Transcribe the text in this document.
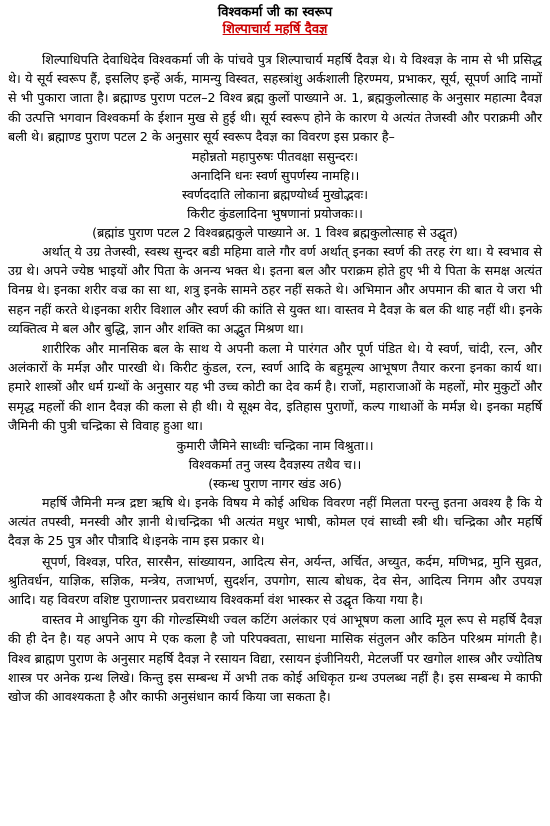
विश्वकर्मा जी का स्वरूप
शिल्पाचार्य महर्षि दैवज्ञ

शिल्पाधिपति देवाधिदेव विश्वकर्मा जी के पांचवे पुत्र शिल्पाचार्य महर्षि दैवज्ञ थे। ये विश्वज्ञ के नाम से भी प्रसिद्ध थे। ये सूर्य स्वरूप हैं, इसलिए इन्हें अर्क, मामन्यु विस्वत, सहस्त्रांशु अर्कशाली हिरण्मय, प्रभाकर, सूर्य, सूपर्ण आदि नामों से भी पुकारा जाता है। ब्रह्माण्ड पुराण पटल–2 विश्व ब्रह्म कुलों पाख्याने अ. 1, ब्रह्मकुलोत्साह के अनुसार महात्मा दैवज्ञ की उत्पत्ति भगवान विश्वकर्मा के ईशान मुख से हुई थी। सूर्य स्वरूप होने के कारण ये अत्यंत तेजस्वी और पराक्रमी और बली थे। ब्रह्माण्ड पुराण पटल 2 के अनुसार सूर्य स्वरूप दैवज्ञ का विवरण इस प्रकार है–

महोन्नतो महापुरुषः पीतवक्षा ससुन्दरः।
अनादिनि धनः स्वर्ण सुपर्णस्य नामहि।।
स्वर्णददाति लोकाना ब्रह्मण्योर्ध्व मुखोद्भवः।
किरीट कुंडलादिना भुषणानां प्रयोजकः।।
(ब्रह्मांड पुराण पटल 2 विश्वब्रह्मकुले पाख्याने अ. 1 विश्व ब्रह्मकुलोत्साह से उद्घृत)

अर्थात् ये उग्र तेजस्वी, स्वस्थ सुन्दर बडी महिमा वाले गौर वर्ण अर्थात् इनका स्वर्ण की तरह रंग था। ये स्वभाव से उग्र थे। अपने ज्येष्ठ भाइयों और पिता के अनन्य भक्त थे। इतना बल और पराक्रम होते हुए भी ये पिता के समक्ष अत्यंत विनम्र थे। इनका शरीर वज्र का सा था, शत्रु इनके सामने ठहर नहीं सकते थे। अभिमान और अपमान की बात ये जरा भी सहन नहीं करते थे।इनका शरीर विशाल और स्वर्ण की कांति से युक्त था। वास्तव मे दैवज्ञ के बल की थाह नहीं थी। इनके व्यक्तित्व मे बल और बुद्धि, ज्ञान और शक्ति का अद्भुत मिश्रण था।

शारीरिक और मानसिक बल के साथ ये अपनी कला मे पारंगत और पूर्ण पंडित थे। ये स्वर्ण, चांदी, रत्न, और अलंकारों के मर्मज्ञ और पारखी थे। किरीट कुंडल, रत्न, स्वर्ण आदि के बहुमूल्य आभूषण तैयार करना इनका कार्य था। हमारे शास्त्रों और धर्म ग्रन्थों के अनुसार यह भी उच्च कोटी का देव कर्म है। राजों, महाराजाओं के महलों, मोर मुकुटों और समृद्ध महलों की शान दैवज्ञ की कला से ही थी। ये सूक्ष्म वेद, इतिहास पुराणों, कल्प गाथाओं के मर्मज्ञ थे। इनका महर्षि जैमिनी की पुत्री चन्द्रिका से विवाह हुआ था।

कुमारी जैमिने साध्वीः चन्द्रिका नाम विश्रुता।।
विश्वकर्मा तनु जस्य दैवज्ञस्य तथैव च।।
(स्कन्ध पुराण नागर खंड अ6)

महर्षि जैमिनी मन्त्र द्रष्टा ऋषि थे। इनके विषय मे कोई अधिक विवरण नहीं मिलता परन्तु इतना अवश्य है कि ये अत्यंत तपस्वी, मनस्वी और ज्ञानी थे।चन्द्रिका भी अत्यंत मधुर भाषी, कोमल एवं साध्वी स्त्री थी। चन्द्रिका और महर्षि दैवज्ञ के 25 पुत्र और पौत्रादि थे।इनके नाम इस प्रकार थे।

सूपर्ण, विश्वज्ञ, परित, सारसैन, सांख्यायन, आदित्य सेन, अर्यन्त, अर्चित, अच्युत, कर्दम, मणिभद्र, मुनि सुव्रत, श्रुतिवर्धन, याज्ञिक, सज्ञिक, मन्त्रेय, तजाभर्ण, सुदर्शन, उपगोग, सात्य बोधक, देव सेन, आदित्य निगम और उपयज्ञ आदि। यह विवरण वशिष्ट पुराणान्तर प्रवराध्याय विश्वकर्मा वंश भास्कर से उद्घृत किया गया है।

वास्तव मे आधुनिक युग की गोल्डस्मिथी ज्वल कटिंग अलंकार एवं आभूषण कला आदि मूल रूप से महर्षि दैवज्ञ की ही देन है। यह अपने आप मे एक कला है जो परिपक्वता, साधना मासिक संतुलन और कठिन परिश्रम मांगती है। विश्व ब्राह्मण पुराण के अनुसार महर्षि दैवज्ञ ने रसायन विद्या, रसायन इंजीनियरी, मेटलर्जी पर खगोल शास्त्र और ज्योतिष शास्त्र पर अनेक ग्रन्थ लिखे। किन्तु इस सम्बन्ध में अभी तक कोई अधिकृत ग्रन्थ उपलब्ध नहीं है। इस सम्बन्ध मे काफी खोज की आवश्यकता है और काफी अनुसंधान कार्य किया जा सकता है।
